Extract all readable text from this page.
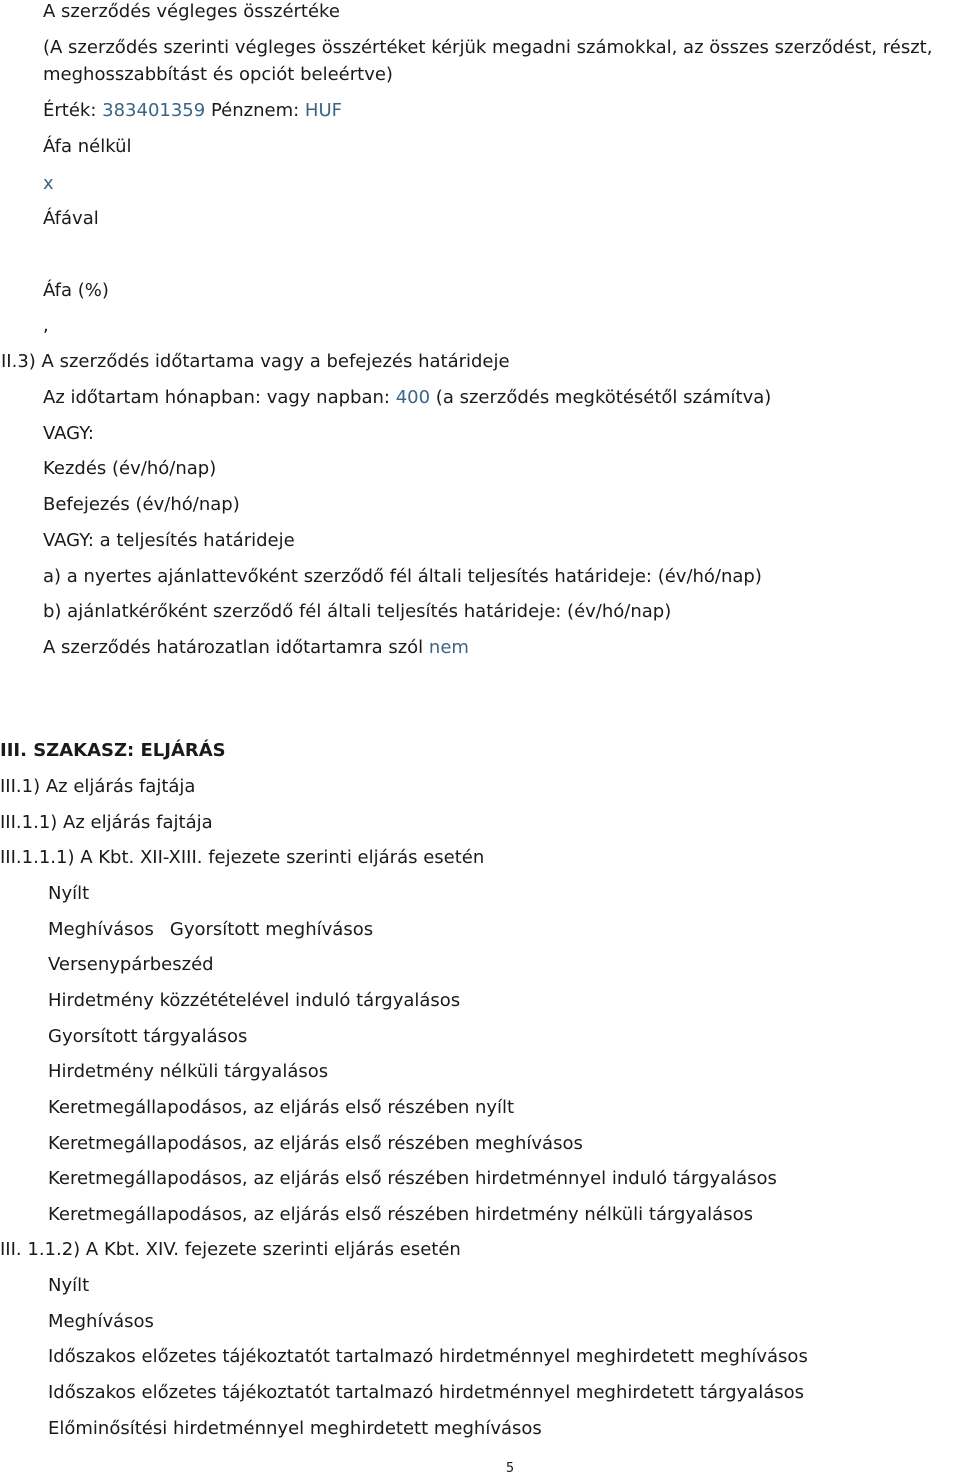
A szerződés végleges összértéke
(A szerződés szerinti végleges összértéket kérjük megadni számokkal, az összes szerződést, részt,
meghosszabbítást és opciót beleértve)
Érték: 383401359 Pénznem: HUF
Áfa nélkül
x
Áfával
Áfa (%)
,
II.3) A szerződés időtartama vagy a befejezés határideje
Az időtartam hónapban: vagy napban: 400 (a szerződés megkötésétől számítva)
VAGY:
Kezdés (év/hó/nap)
Befejezés (év/hó/nap)
VAGY: a teljesítés határideje
a) a nyertes ajánlattevőként szerződő fél általi teljesítés határideje: (év/hó/nap)
b) ajánlatkérőként szerződő fél általi teljesítés határideje: (év/hó/nap)
A szerződés határozatlan időtartamra szól nem
III. SZAKASZ: ELJÁRÁS
III.1) Az eljárás fajtája
III.1.1) Az eljárás fajtája
III.1.1.1) A Kbt. XII-XIII. fejezete szerinti eljárás esetén
Nyílt
Meghívásos Gyorsított meghívásos
Versenypárbeszéd
Hirdetmény közzétételével induló tárgyalásos
Gyorsított tárgyalásos
Hirdetmény nélküli tárgyalásos
Keretmegállapodásos, az eljárás első részében nyílt
Keretmegállapodásos, az eljárás első részében meghívásos
Keretmegállapodásos, az eljárás első részében hirdetménnyel induló tárgyalásos
Keretmegállapodásos, az eljárás első részében hirdetmény nélküli tárgyalásos
III. 1.1.2) A Kbt. XIV. fejezete szerinti eljárás esetén
Nyílt
Meghívásos
Időszakos előzetes tájékoztatót tartalmazó hirdetménnyel meghirdetett meghívásos
Időszakos előzetes tájékoztatót tartalmazó hirdetménnyel meghirdetett tárgyalásos
Előminősítési hirdetménnyel meghirdetett meghívásos
5
